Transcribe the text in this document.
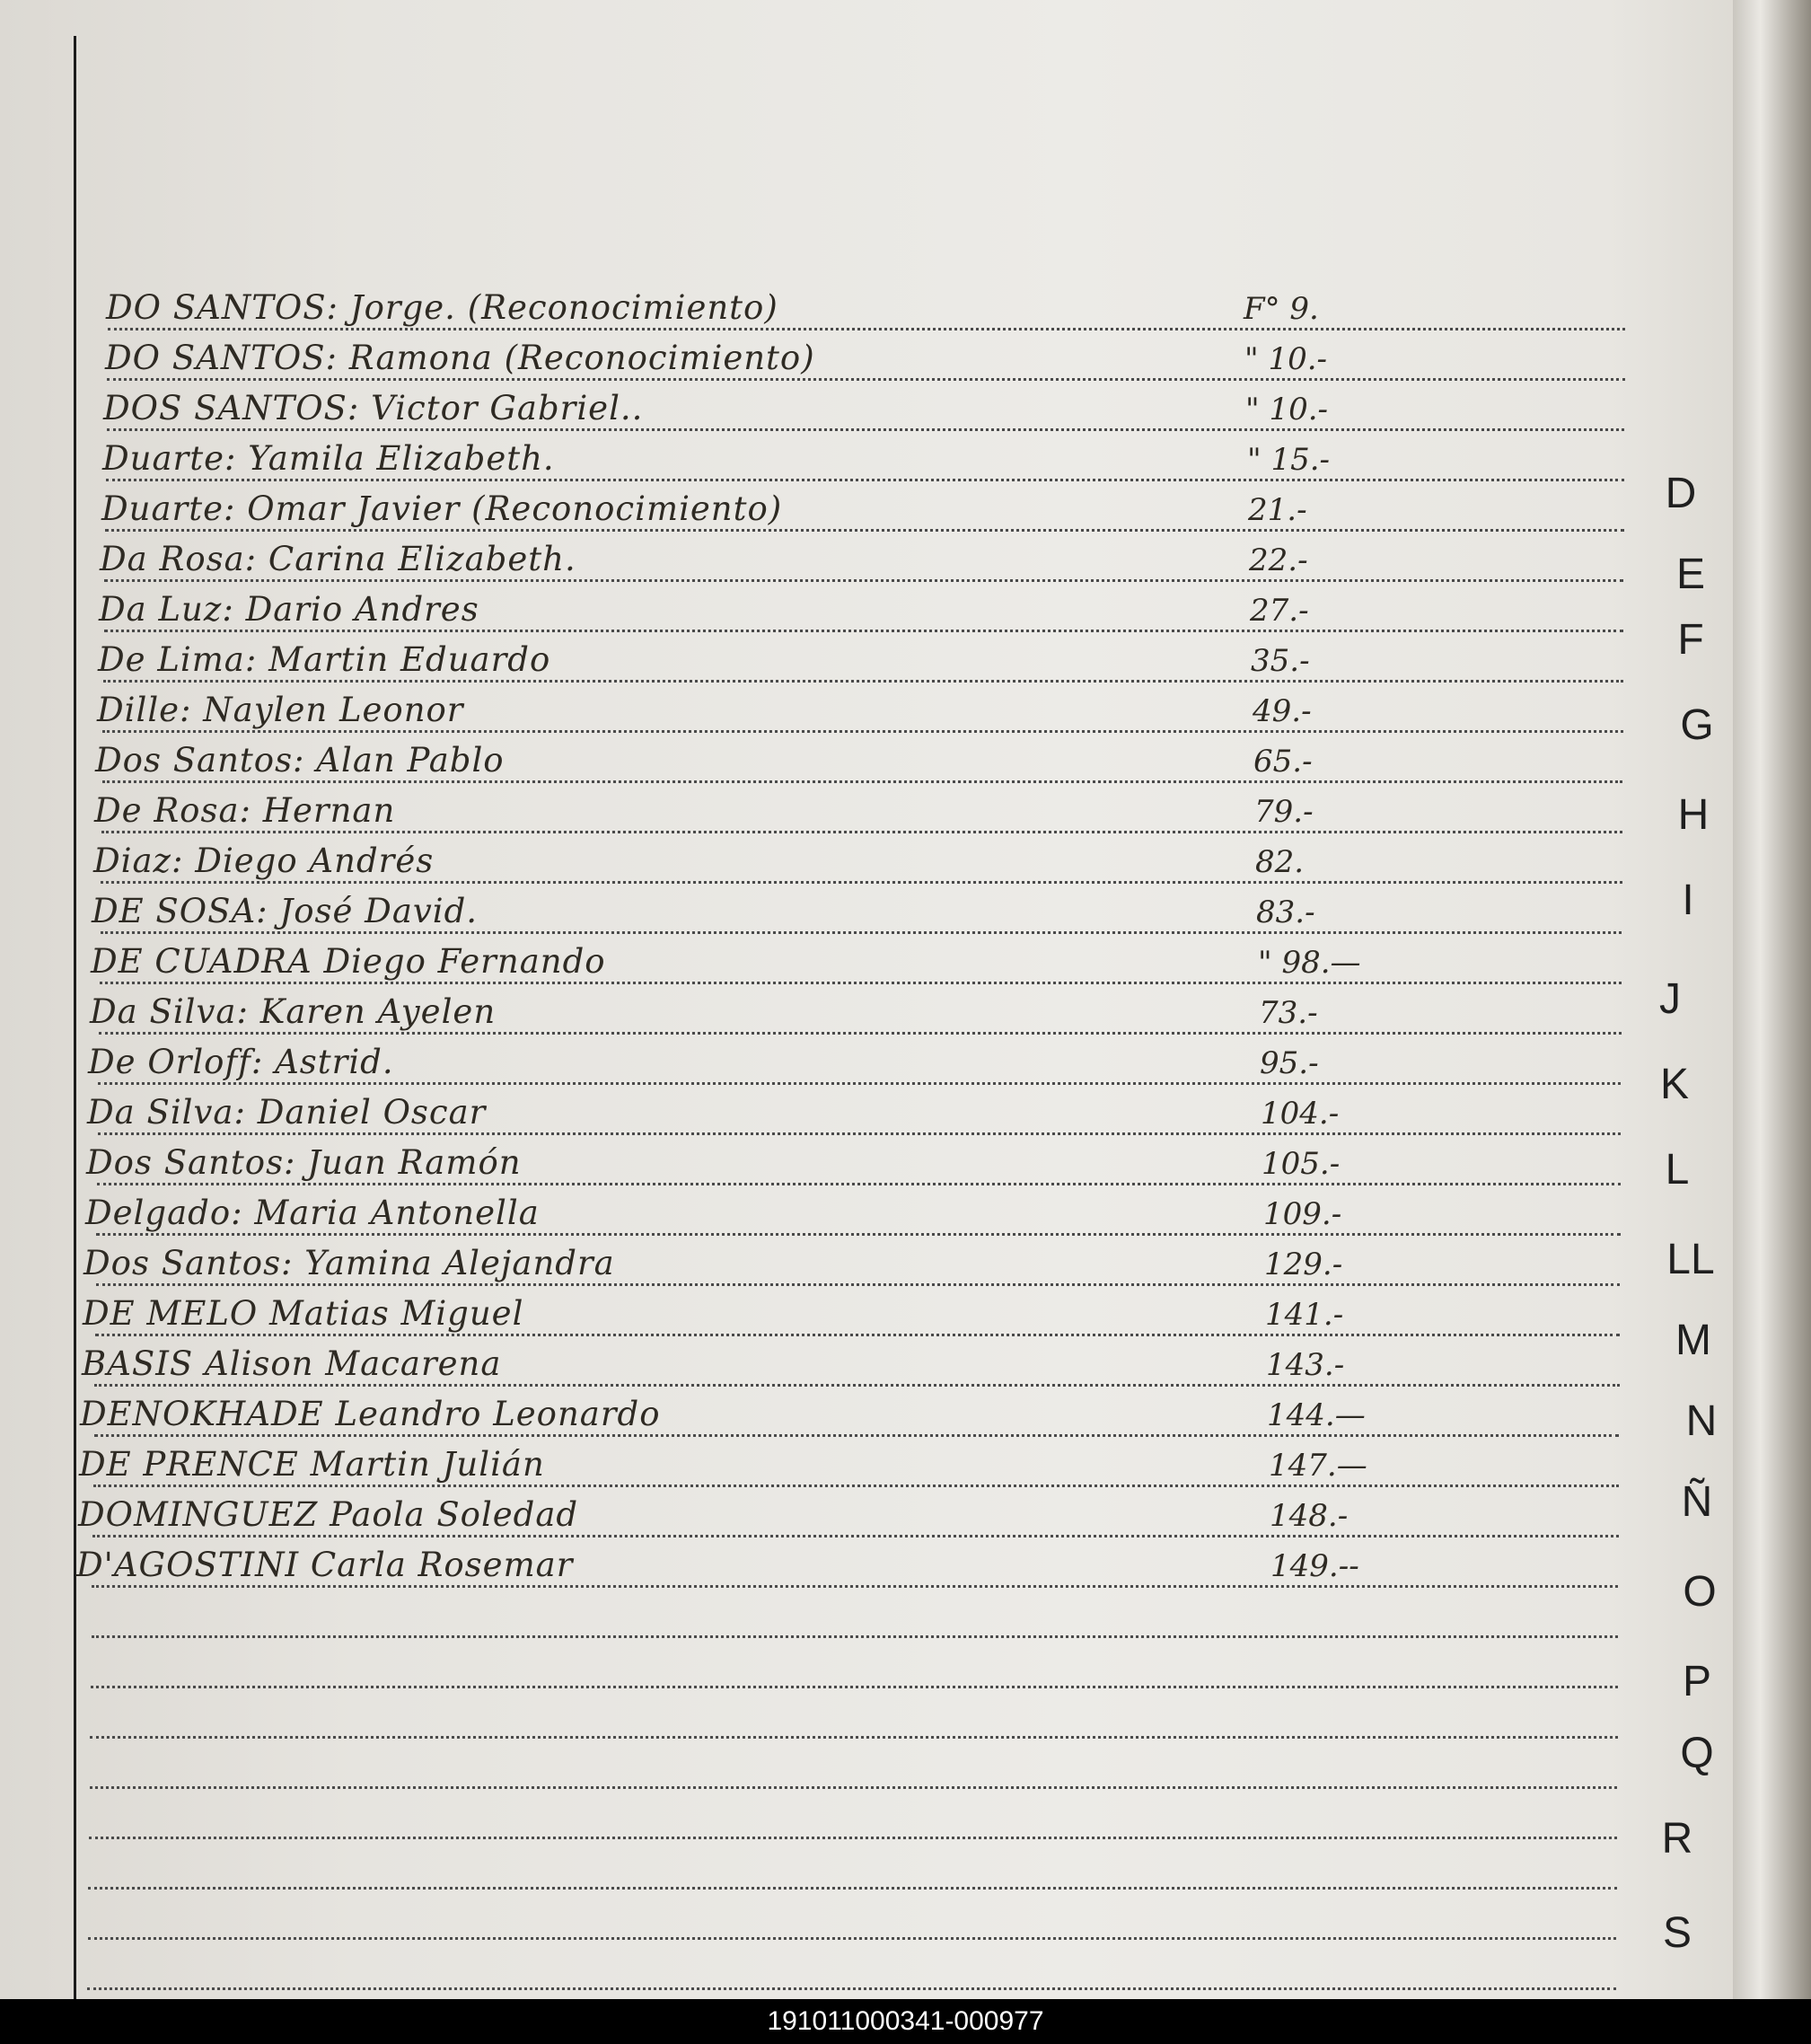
DO SANTOS: Jorge. (Reconocimiento)	F° 9.
DO SANTOS: Ramona (Reconocimiento)	" 10.-
DOS SANTOS: Victor Gabriel..	" 10.-
Duarte: Yamila Elizabeth.	" 15.-
Duarte: Omar Javier (Reconocimiento)	21.-
Da Rosa: Carina Elizabeth.	22.-
Da Luz: Dario Andres	27.-
De Lima: Martin Eduardo	35.-
Dille: Naylen Leonor	49.-
Dos Santos: Alan Pablo	65.-
De Rosa: Hernan	79.-
Diaz: Diego Andrés	82.
DE SOSA: José David.	83.-
DE CUADRA Diego Fernando	" 98.—
Da Silva: Karen Ayelen	73.-
De Orloff: Astrid.	95.-
Da Silva: Daniel Oscar	104.-
Dos Santos: Juan Ramón	105.-
Delgado: Maria Antonella	109.-
Dos Santos: Yamina Alejandra	129.-
DE MELO Matias Miguel	141.-
BASIS Alison Macarena	143.-
DENOKHADE Leandro Leonardo	144.—
DE PRENCE Martin Julián	147.—
DOMINGUEZ Paola Soledad	148.-
D'AGOSTINI Carla Rosemar	149.--
D
E
F
G
H
I
J
K
L
LL
M
N
Ñ
O
P
Q
R
S
191011000341-000977
